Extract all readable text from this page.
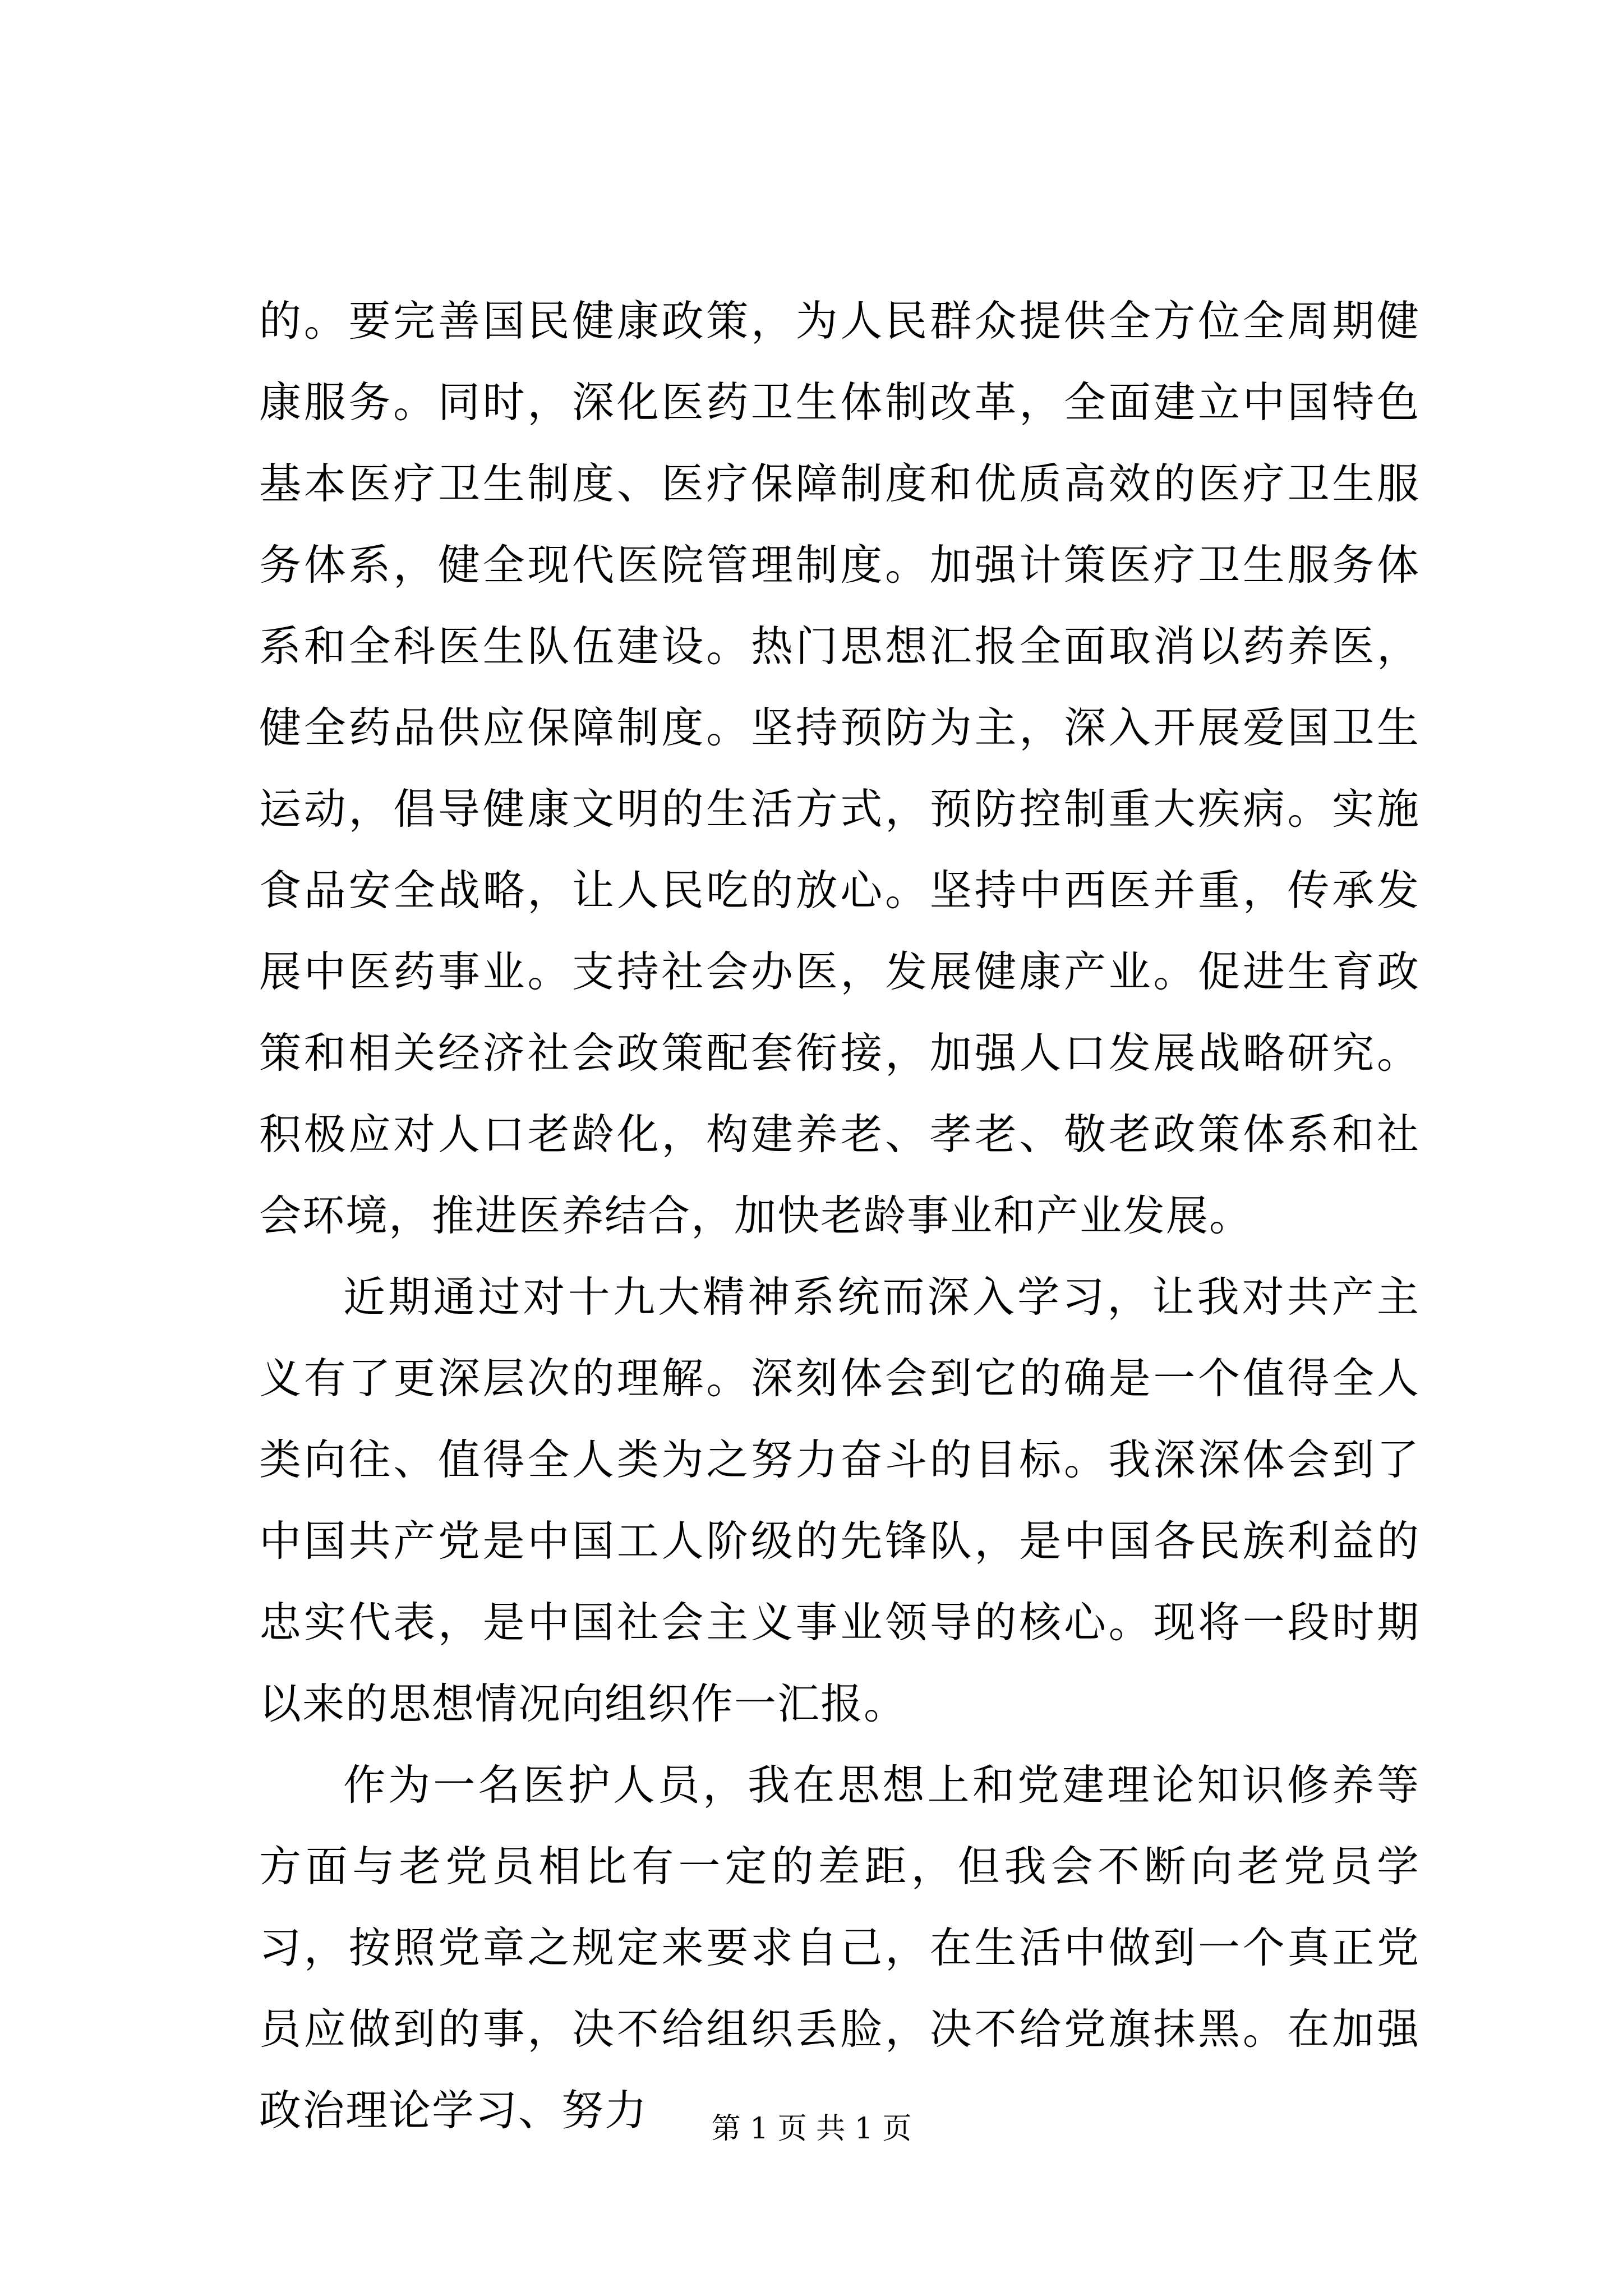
的。要完善国民健康政策，为人民群众提供全方位全周期健康服务。同时，深化医药卫生体制改革，全面建立中国特色基本医疗卫生制度、医疗保障制度和优质高效的医疗卫生服务体系，健全现代医院管理制度。加强计策医疗卫生服务体系和全科医生队伍建设。热门思想汇报全面取消以药养医，健全药品供应保障制度。坚持预防为主，深入开展爱国卫生运动，倡导健康文明的生活方式，预防控制重大疾病。实施食品安全战略，让人民吃的放心。坚持中西医并重，传承发展中医药事业。支持社会办医，发展健康产业。促进生育政策和相关经济社会政策配套衔接，加强人口发展战略研究。积极应对人口老龄化，构建养老、孝老、敬老政策体系和社会环境，推进医养结合，加快老龄事业和产业发展。

近期通过对十九大精神系统而深入学习，让我对共产主义有了更深层次的理解。深刻体会到它的确是一个值得全人类向往、值得全人类为之努力奋斗的目标。我深深体会到了中国共产党是中国工人阶级的先锋队，是中国各民族利益的忠实代表，是中国社会主义事业领导的核心。现将一段时期以来的思想情况向组织作一汇报。

作为一名医护人员，我在思想上和党建理论知识修养等方面与老党员相比有一定的差距，但我会不断向老党员学习，按照党章之规定来要求自己，在生活中做到一个真正党员应做到的事，决不给组织丢脸，决不给党旗抹黑。在加强政治理论学习、努力	第 1 页 共 1 页
